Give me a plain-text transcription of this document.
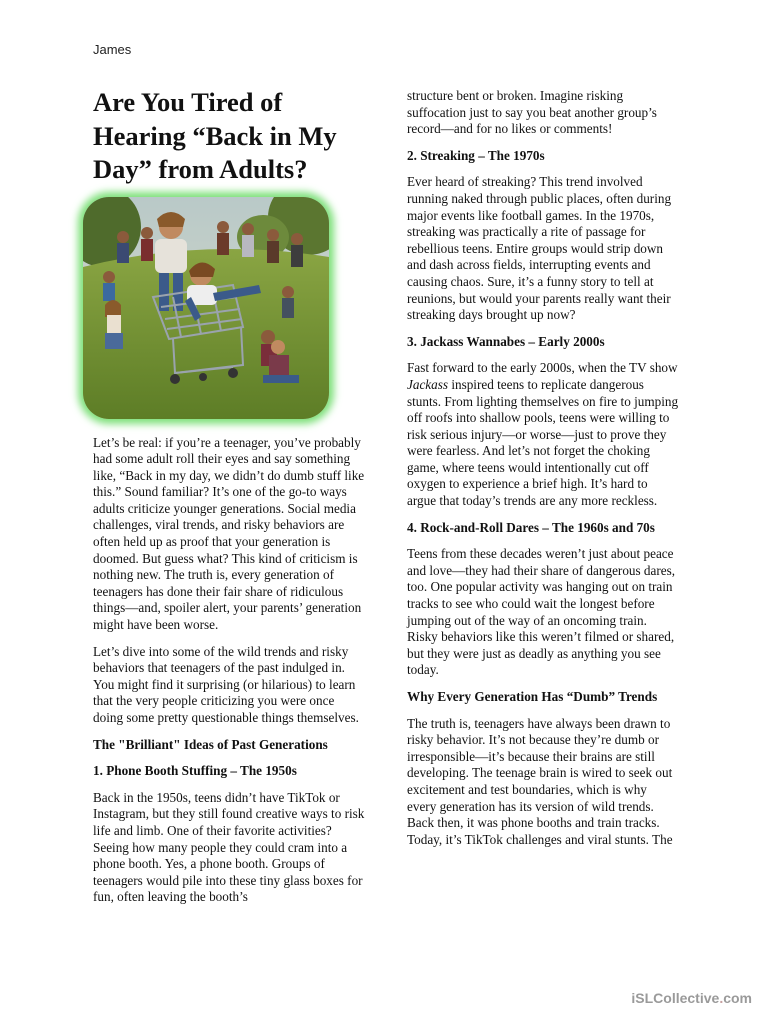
James
Are You Tired of Hearing “Back in My Day” from Adults?

Let’s be real: if you’re a teenager, you’ve probably had some adult roll their eyes and say something like, “Back in my day, we didn’t do dumb stuff like this.” Sound familiar? It’s one of the go-to ways adults criticize younger generations. Social media challenges, viral trends, and risky behaviors are often held up as proof that your generation is doomed. But guess what? This kind of criticism is nothing new. The truth is, every generation of teenagers has done their fair share of ridiculous things—and, spoiler alert, your parents’ generation might have been worse.

Let’s dive into some of the wild trends and risky behaviors that teenagers of the past indulged in. You might find it surprising (or hilarious) to learn that the very people criticizing you were once doing some pretty questionable things themselves.

The "Brilliant" Ideas of Past Generations
1. Phone Booth Stuffing – The 1950s

Back in the 1950s, teens didn’t have TikTok or Instagram, but they still found creative ways to risk life and limb. One of their favorite activities? Seeing how many people they could cram into a phone booth. Yes, a phone booth. Groups of teenagers would pile into these tiny glass boxes for fun, often leaving the booth’s

structure bent or broken. Imagine risking suffocation just to say you beat another group’s record—and for no likes or comments!

2. Streaking – The 1970s

Ever heard of streaking? This trend involved running naked through public places, often during major events like football games. In the 1970s, streaking was practically a rite of passage for rebellious teens. Entire groups would strip down and dash across fields, interrupting events and causing chaos. Sure, it’s a funny story to tell at reunions, but would your parents really want their streaking days brought up now?

3. Jackass Wannabes – Early 2000s

Fast forward to the early 2000s, when the TV show Jackass inspired teens to replicate dangerous stunts. From lighting themselves on fire to jumping off roofs into shallow pools, teens were willing to risk serious injury—or worse—just to prove they were fearless. And let’s not forget the choking game, where teens would intentionally cut off oxygen to experience a brief high. It’s hard to argue that today’s trends are any more reckless.

4. Rock-and-Roll Dares – The 1960s and 70s

Teens from these decades weren’t just about peace and love—they had their share of dangerous dares, too. One popular activity was hanging out on train tracks to see who could wait the longest before jumping out of the way of an oncoming train. Risky behaviors like this weren’t filmed or shared, but they were just as deadly as anything you see today.

Why Every Generation Has “Dumb” Trends

The truth is, teenagers have always been drawn to risky behavior. It’s not because they’re dumb or irresponsible—it’s because their brains are still developing. The teenage brain is wired to seek out excitement and test boundaries, which is why every generation has its version of wild trends. Back then, it was phone booths and train tracks. Today, it’s TikTok challenges and viral stunts. The

iSLCollective.com
